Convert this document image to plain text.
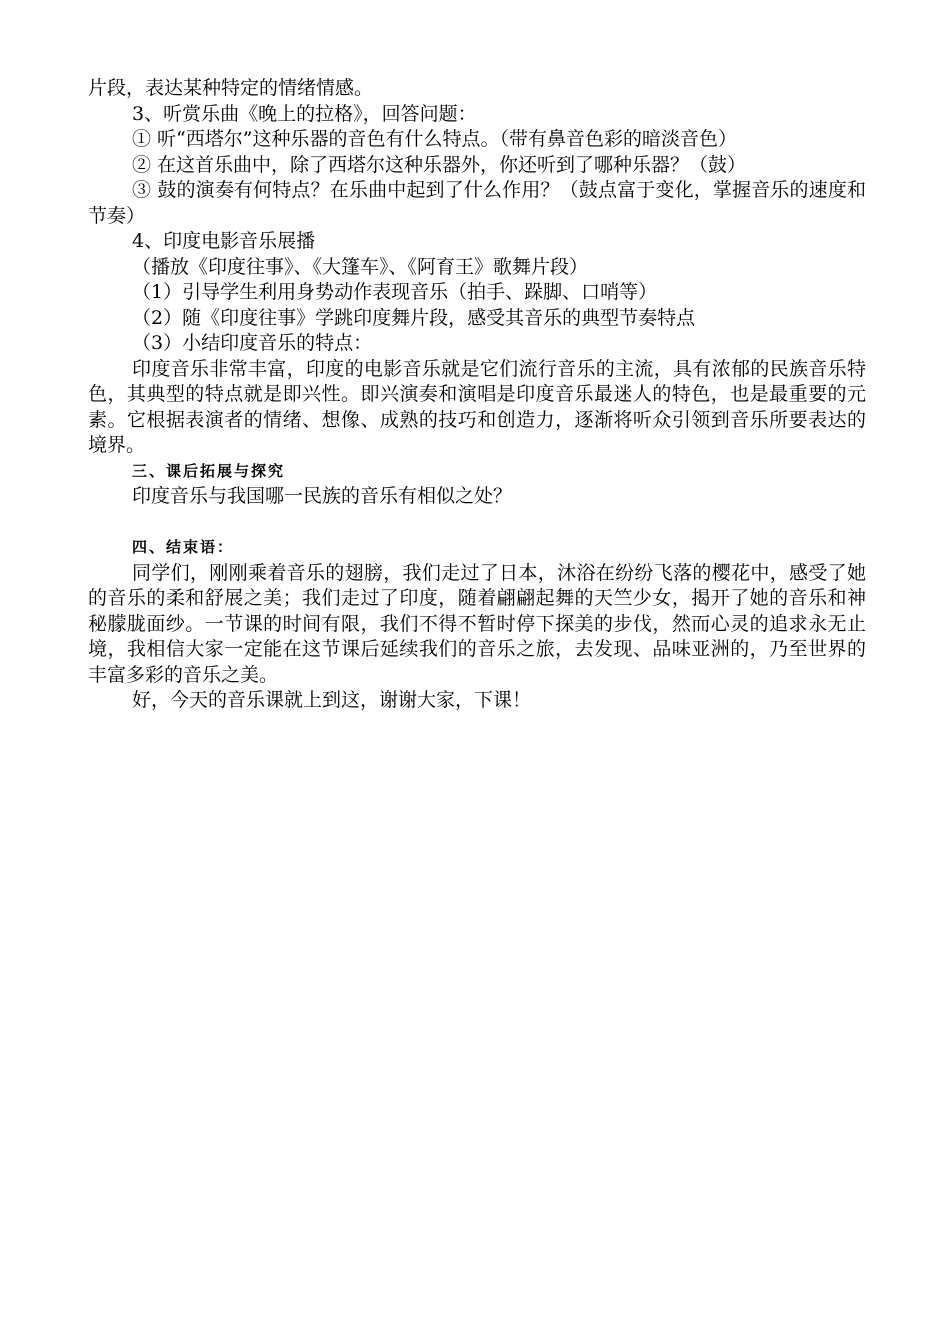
片段，表达某种特定的情绪情感。

3、听赏乐曲《晚上的拉格》，回答问题：

① 听“西塔尔”这种乐器的音色有什么特点。（带有鼻音色彩的暗淡音色）

② 在这首乐曲中，除了西塔尔这种乐器外，你还听到了哪种乐器？（鼓）

③ 鼓的演奏有何特点？在乐曲中起到了什么作用？（鼓点富于变化，掌握音乐的速度和节奏）

4、印度电影音乐展播

（播放《印度往事》、《大篷车》、《阿育王》歌舞片段）

（1）引导学生利用身势动作表现音乐（拍手、跺脚、口哨等）

（2）随《印度往事》学跳印度舞片段，感受其音乐的典型节奏特点

（3）小结印度音乐的特点：

印度音乐非常丰富，印度的电影音乐就是它们流行音乐的主流，具有浓郁的民族音乐特色，其典型的特点就是即兴性。即兴演奏和演唱是印度音乐最迷人的特色，也是最重要的元素。它根据表演者的情绪、想像、成熟的技巧和创造力，逐渐将听众引领到音乐所要表达的境界。

三、课后拓展与探究

印度音乐与我国哪一民族的音乐有相似之处？

四、结束语：

同学们，刚刚乘着音乐的翅膀，我们走过了日本，沐浴在纷纷飞落的樱花中，感受了她的音乐的柔和舒展之美；我们走过了印度，随着翩翩起舞的天竺少女，揭开了她的音乐和神秘朦胧面纱。一节课的时间有限，我们不得不暂时停下探美的步伐，然而心灵的追求永无止境，我相信大家一定能在这节课后延续我们的音乐之旅，去发现、品味亚洲的，乃至世界的丰富多彩的音乐之美。

好，今天的音乐课就上到这，谢谢大家，下课！
